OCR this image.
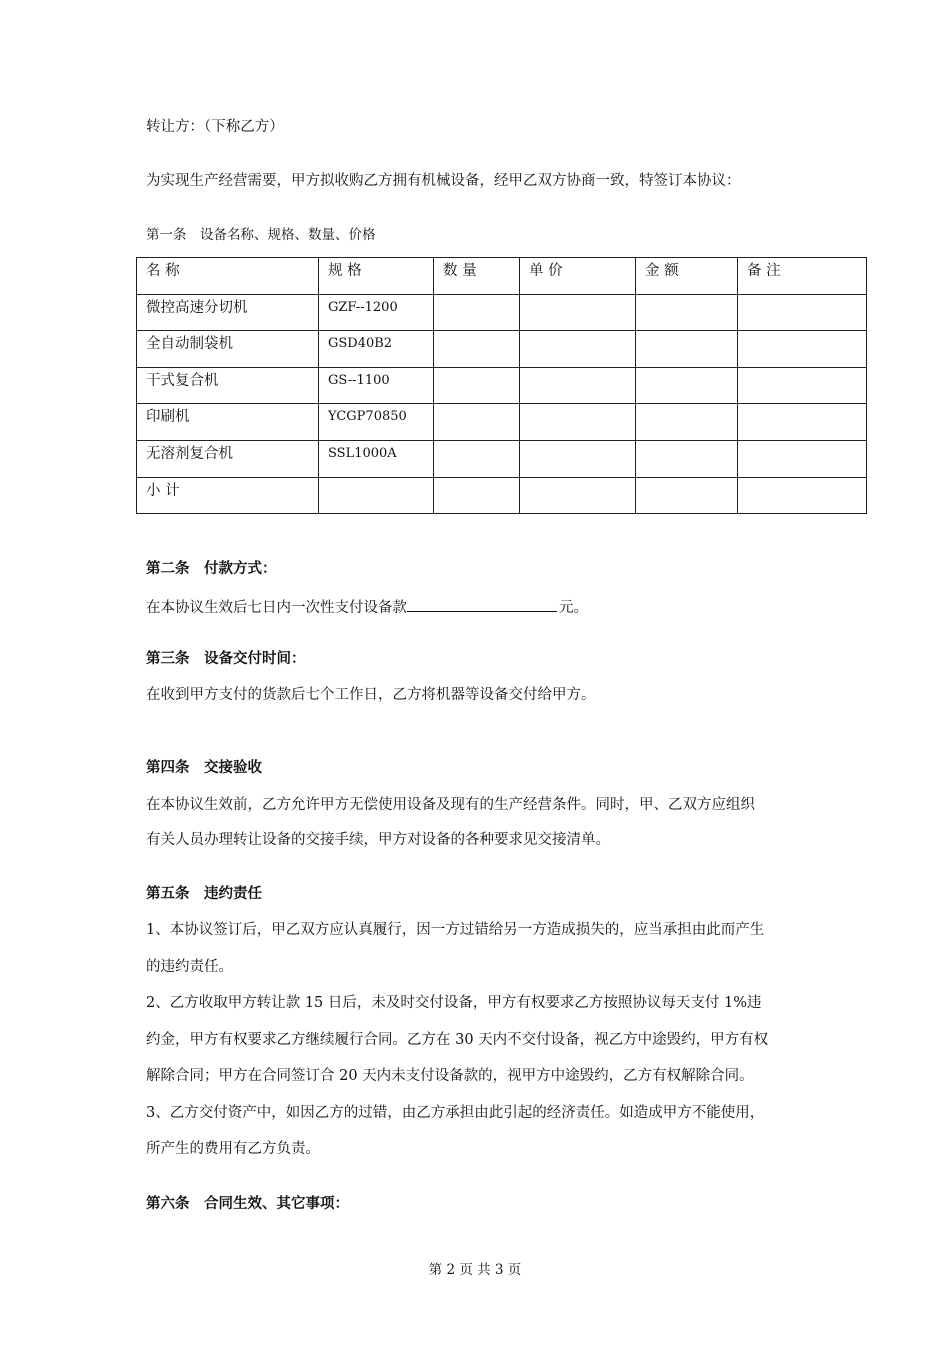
转让方：（下称乙方）
为实现生产经营需要，甲方拟收购乙方拥有机械设备，经甲乙双方协商一致，特签订本协议：
第一条　设备名称、规格、数量、价格
名 称	规 格	数 量	单 价	金 额	备 注
微控高速分切机	GZF--1200				
全自动制袋机	GSD40B2				
干式复合机	GS--1100				
印刷机	YCGP70850				
无溶剂复合机	SSL1000A				
小 计					
第二条　付款方式：
在本协议生效后七日内一次性支付设备款	元。
第三条　设备交付时间：
在收到甲方支付的货款后七个工作日，乙方将机器等设备交付给甲方。
第四条　交接验收
在本协议生效前，乙方允许甲方无偿使用设备及现有的生产经营条件。同时，甲、乙双方应组织
有关人员办理转让设备的交接手续，甲方对设备的各种要求见交接清单。
第五条　违约责任
1、本协议签订后，甲乙双方应认真履行，因一方过错给另一方造成损失的，应当承担由此而产生
的违约责任。
2、乙方收取甲方转让款 15 日后，未及时交付设备，甲方有权要求乙方按照协议每天支付 1%违
约金，甲方有权要求乙方继续履行合同。乙方在 30 天内不交付设备，视乙方中途毁约，甲方有权
解除合同；甲方在合同签订合 20 天内未支付设备款的，视甲方中途毁约，乙方有权解除合同。
3、乙方交付资产中，如因乙方的过错，由乙方承担由此引起的经济责任。如造成甲方不能使用，
所产生的费用有乙方负责。
第六条　合同生效、其它事项：
第 2 页 共 3 页
